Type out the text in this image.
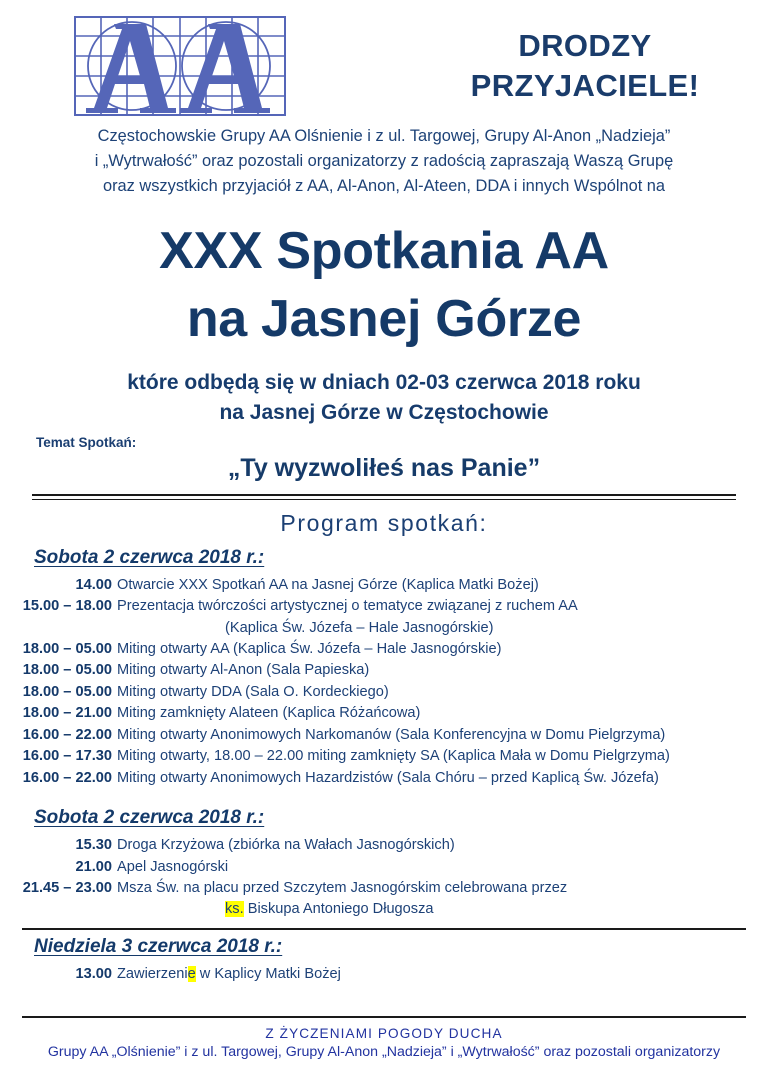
DRODZY
PRZYJACIELE!
Częstochowskie Grupy AA Olśnienie i z ul. Targowej, Grupy Al-Anon „Nadzieja”
i „Wytrwałość” oraz pozostali organizatorzy z radością zapraszają Waszą Grupę
oraz wszystkich przyjaciół z AA, Al-Anon, Al-Ateen, DDA i innych Wspólnot na
XXX Spotkania AA
na Jasnej Górze
które odbędą się w dniach 02-03 czerwca 2018 roku
na Jasnej Górze w Częstochowie
Temat Spotkań:
„Ty wyzwoliłeś nas Panie”
Program spotkań:
Sobota 2 czerwca 2018 r.:
14.00 Otwarcie XXX Spotkań AA na Jasnej Górze (Kaplica Matki Bożej)
15.00 – 18.00 Prezentacja twórczości artystycznej o tematyce związanej z ruchem AA
(Kaplica Św. Józefa – Hale Jasnogórskie)
18.00 – 05.00 Miting otwarty AA (Kaplica Św. Józefa – Hale Jasnogórskie)
18.00 – 05.00 Miting otwarty Al-Anon (Sala Papieska)
18.00 – 05.00 Miting otwarty DDA (Sala O. Kordeckiego)
18.00 – 21.00 Miting zamknięty Alateen (Kaplica Różańcowa)
16.00 – 22.00 Miting otwarty Anonimowych Narkomanów (Sala Konferencyjna w Domu Pielgrzyma)
16.00 – 17.30 Miting otwarty, 18.00 – 22.00 miting zamknięty SA (Kaplica Mała w Domu Pielgrzyma)
16.00 – 22.00 Miting otwarty Anonimowych Hazardzistów (Sala Chóru – przed Kaplicą Św. Józefa)
Sobota 2 czerwca 2018 r.:
15.30 Droga Krzyżowa (zbiórka na Wałach Jasnogórskich)
21.00 Apel Jasnogórski
21.45 – 23.00 Msza Św. na placu przed Szczytem Jasnogórskim celebrowana przez
ks. Biskupa Antoniego Długosza
Niedziela 3 czerwca 2018 r.:
13.00 Zawierzenie w Kaplicy Matki Bożej
Z ŻYCZENIAMI POGODY DUCHA
Grupy AA „Olśnienie” i z ul. Targowej, Grupy Al-Anon „Nadzieja” i „Wytrwałość” oraz pozostali organizatorzy
